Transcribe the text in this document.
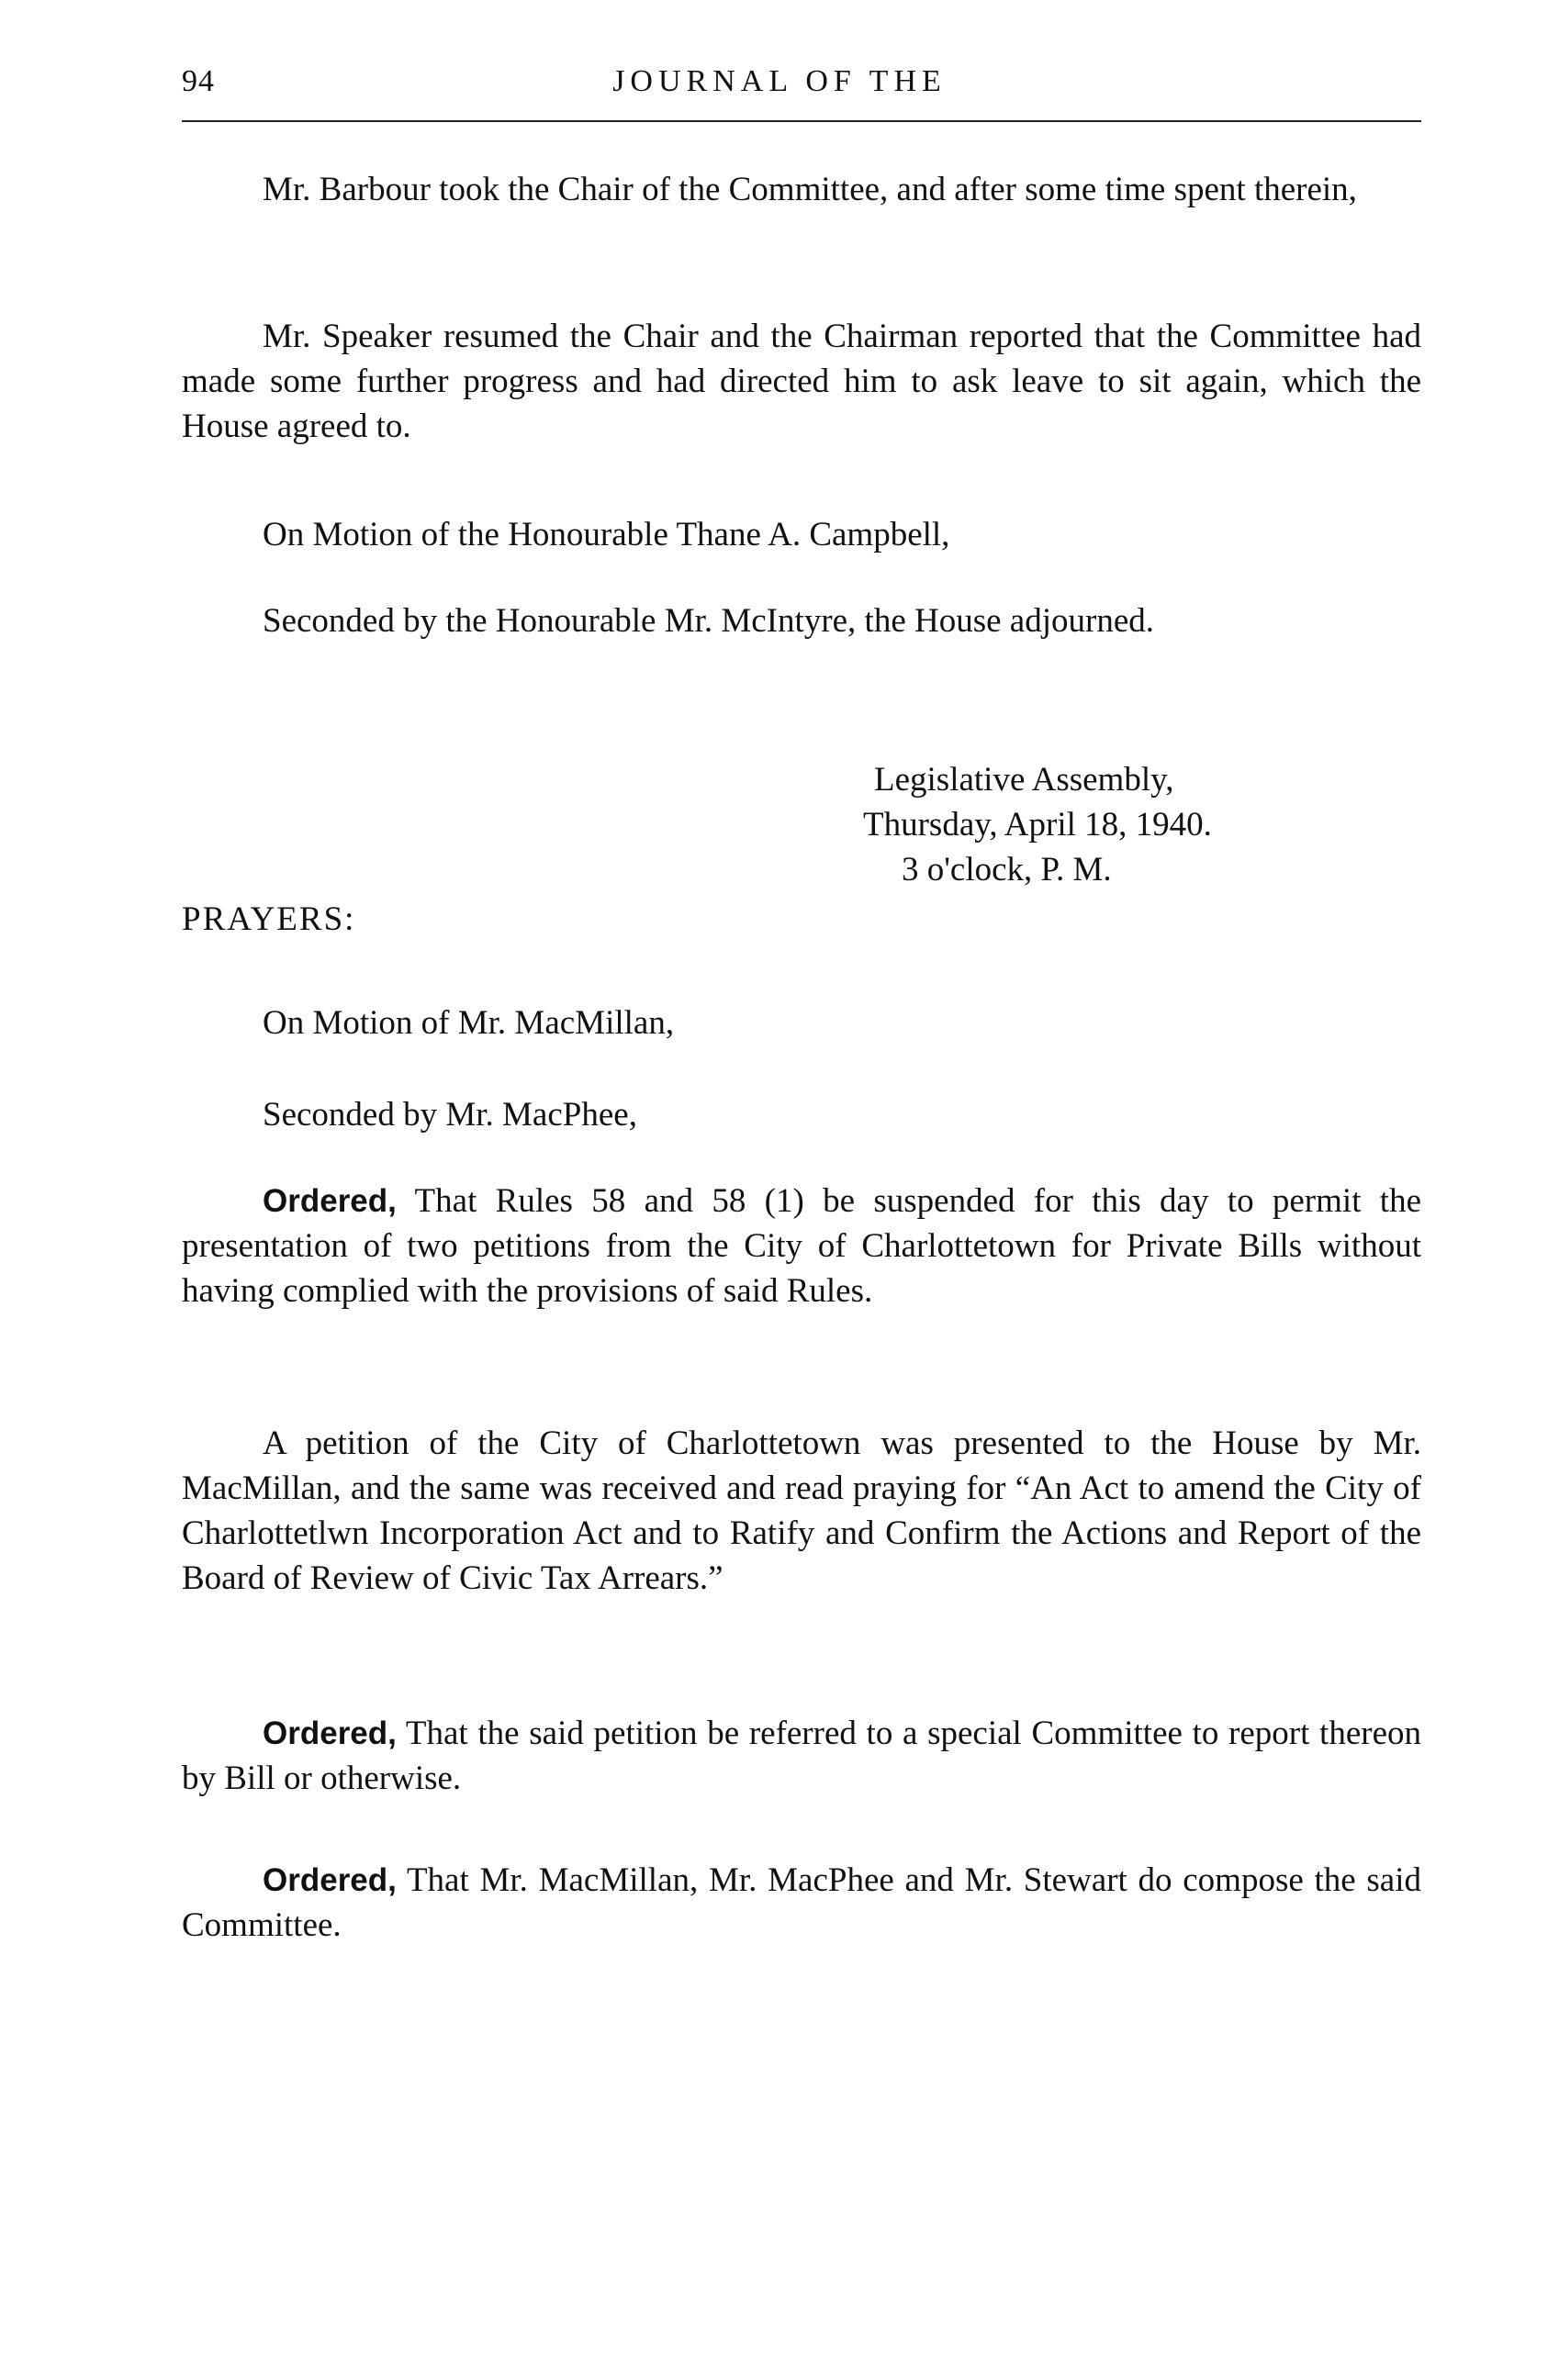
94	JOURNAL OF THE

Mr. Barbour took the Chair of the Committee, and after some time spent therein,

Mr. Speaker resumed the Chair and the Chairman reported that the Committee had made some further progress and had directed him to ask leave to sit again, which the House agreed to.

On Motion of the Honourable Thane A. Campbell,

Seconded by the Honourable Mr. McIntyre, the House adjourned.

Legislative Assembly,
Thursday, April 18, 1940.
3 o'clock, P. M.
PRAYERS:

On Motion of Mr. MacMillan,

Seconded by Mr. MacPhee,

Ordered, That Rules 58 and 58 (1) be suspended for this day to permit the presentation of two petitions from the City of Charlottetown for Private Bills without having complied with the provisions of said Rules.

A petition of the City of Charlottetown was presented to the House by Mr. MacMillan, and the same was received and read praying for “An Act to amend the City of Charlottetlwn Incorporation Act and to Ratify and Confirm the Actions and Report of the Board of Review of Civic Tax Arrears.”

Ordered, That the said petition be referred to a special Committee to report thereon by Bill or otherwise.

Ordered, That Mr. MacMillan, Mr. MacPhee and Mr. Stewart do compose the said Committee.
